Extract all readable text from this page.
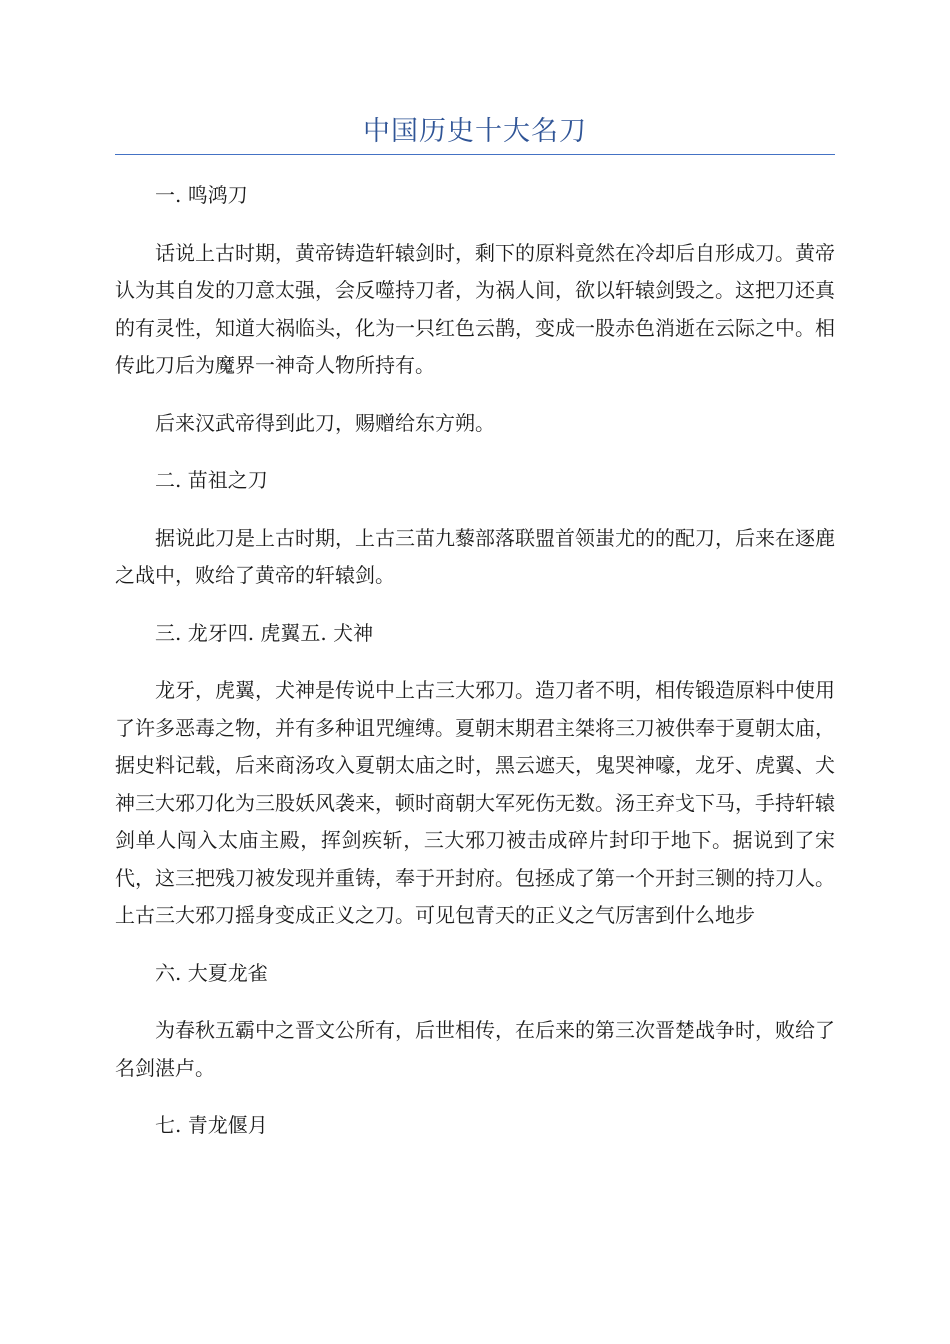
中国历史十大名刀

一. 鸣鸿刀

话说上古时期，黄帝铸造轩辕剑时，剩下的原料竟然在冷却后自形成刀。黄帝认为其自发的刀意太强，会反噬持刀者，为祸人间，欲以轩辕剑毁之。这把刀还真的有灵性，知道大祸临头，化为一只红色云鹊，变成一股赤色消逝在云际之中。相传此刀后为魔界一神奇人物所持有。

后来汉武帝得到此刀，赐赠给东方朔。

二. 苗祖之刀

据说此刀是上古时期，上古三苗九藜部落联盟首领蚩尤的的配刀，后来在逐鹿之战中，败给了黄帝的轩辕剑。

三. 龙牙四. 虎翼五. 犬神

龙牙，虎翼，犬神是传说中上古三大邪刀。造刀者不明，相传锻造原料中使用了许多恶毒之物，并有多种诅咒缠缚。夏朝末期君主桀将三刀被供奉于夏朝太庙，据史料记载，后来商汤攻入夏朝太庙之时，黑云遮天，鬼哭神嚎，龙牙、虎翼、犬神三大邪刀化为三股妖风袭来，顿时商朝大军死伤无数。汤王弃戈下马，手持轩辕剑单人闯入太庙主殿，挥剑疾斩，三大邪刀被击成碎片封印于地下。据说到了宋代，这三把残刀被发现并重铸，奉于开封府。包拯成了第一个开封三铡的持刀人。上古三大邪刀摇身变成正义之刀。可见包青天的正义之气厉害到什么地步

六. 大夏龙雀

为春秋五霸中之晋文公所有，后世相传，在后来的第三次晋楚战争时，败给了名剑湛卢。

七. 青龙偃月
